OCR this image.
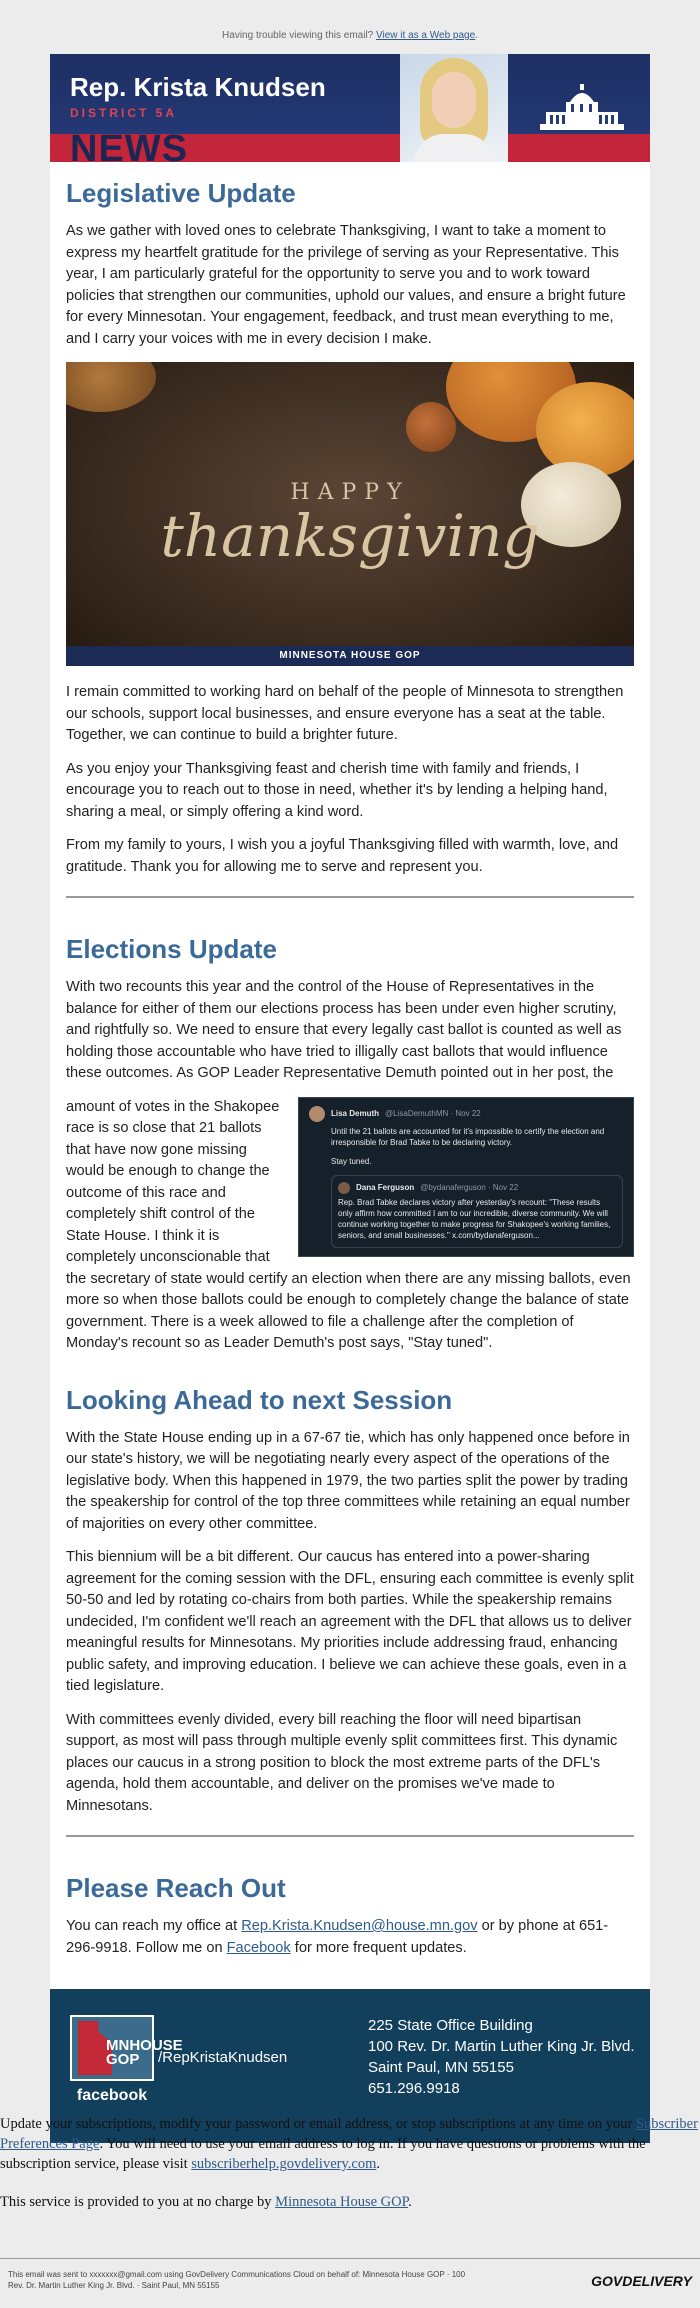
Having trouble viewing this email? View it as a Web page.
NEWS
Rep. Krista Knudsen
DISTRICT 5A
Legislative Update

As we gather with loved ones to celebrate Thanksgiving, I want to take a moment to express my heartfelt gratitude for the privilege of serving as your Representative. This year, I am particularly grateful for the opportunity to serve you and to work toward policies that strengthen our communities, uphold our values, and ensure a bright future for every Minnesotan. Your engagement, feedback, and trust mean everything to me, and I carry your voices with me in every decision I make.

HAPPY
thanksgiving
MINNESOTA HOUSE GOP

I remain committed to working hard on behalf of the people of Minnesota to strengthen our schools, support local businesses, and ensure everyone has a seat at the table. Together, we can continue to build a brighter future.

As you enjoy your Thanksgiving feast and cherish time with family and friends, I encourage you to reach out to those in need, whether it's by lending a helping hand, sharing a meal, or simply offering a kind word.

From my family to yours, I wish you a joyful Thanksgiving filled with warmth, love, and gratitude. Thank you for allowing me to serve and represent you.

Elections Update

With two recounts this year and the control of the House of Representatives in the balance for either of them our elections process has been under even higher scrutiny, and rightfully so. We need to ensure that every legally cast ballot is counted as well as holding those accountable who have tried to illigally cast ballots that would influence these outcomes. As GOP Leader Representative Demuth pointed out in her post, the

Lisa Demuth @LisaDemuthMN · Nov 22
Until the 21 ballots are accounted for it's impossible to certify the election and irresponsible for Brad Tabke to be declaring victory.
Stay tuned.
Dana Ferguson @bydanaferguson · Nov 22
Rep. Brad Tabke declares victory after yesterday's recount: "These results only affirm how committed I am to our incredible, diverse community. We will continue working together to make progress for Shakopee's working families, seniors, and small businesses." x.com/bydanaferguson...

amount of votes in the Shakopee race is so close that 21 ballots that have now gone missing would be enough to change the outcome of this race and completely shift control of the State House. I think it is completely unconscionable that the secretary of state would certify an election when there are any missing ballots, even more so when those ballots could be enough to completely change the balance of state government. There is a week allowed to file a challenge after the completion of Monday's recount so as Leader Demuth's post says, "Stay tuned".

Looking Ahead to next Session

With the State House ending up in a 67-67 tie, which has only happened once before in our state's history, we will be negotiating nearly every aspect of the operations of the legislative body. When this happened in 1979, the two parties split the power by trading the speakership for control of the top three committees while retaining an equal number of majorities on every other committee.

This biennium will be a bit different. Our caucus has entered into a power-sharing agreement for the coming session with the DFL, ensuring each committee is evenly split 50-50 and led by rotating co-chairs from both parties. While the speakership remains undecided, I'm confident we'll reach an agreement with the DFL that allows us to deliver meaningful results for Minnesotans. My priorities include addressing fraud, enhancing public safety, and improving education. I believe we can achieve these goals, even in a tied legislature.

With committees evenly divided, every bill reaching the floor will need bipartisan support, as most will pass through multiple evenly split committees first. This dynamic places our caucus in a strong position to block the most extreme parts of the DFL's agenda, hold them accountable, and deliver on the promises we've made to Minnesotans.

Please Reach Out

You can reach my office at Rep.Krista.Knudsen@house.mn.gov or by phone at 651-296-9918. Follow me on Facebook for more frequent updates.

MNHOUSE GOP
facebook
/RepKristaKnudsen
225 State Office Building
100 Rev. Dr. Martin Luther King Jr. Blvd.
Saint Paul, MN 55155
651.296.9918

Update your subscriptions, modify your password or email address, or stop subscriptions at any time on your Subscriber Preferences Page. You will need to use your email address to log in. If you have questions or problems with the subscription service, please visit subscriberhelp.govdelivery.com.

This service is provided to you at no charge by Minnesota House GOP.

This email was sent to xxxxxxx@gmail.com using GovDelivery Communications Cloud on behalf of: Minnesota House GOP · 100
Rev. Dr. Martin Luther King Jr. Blvd. · Saint Paul, MN 55155	GOVDELIVERY
